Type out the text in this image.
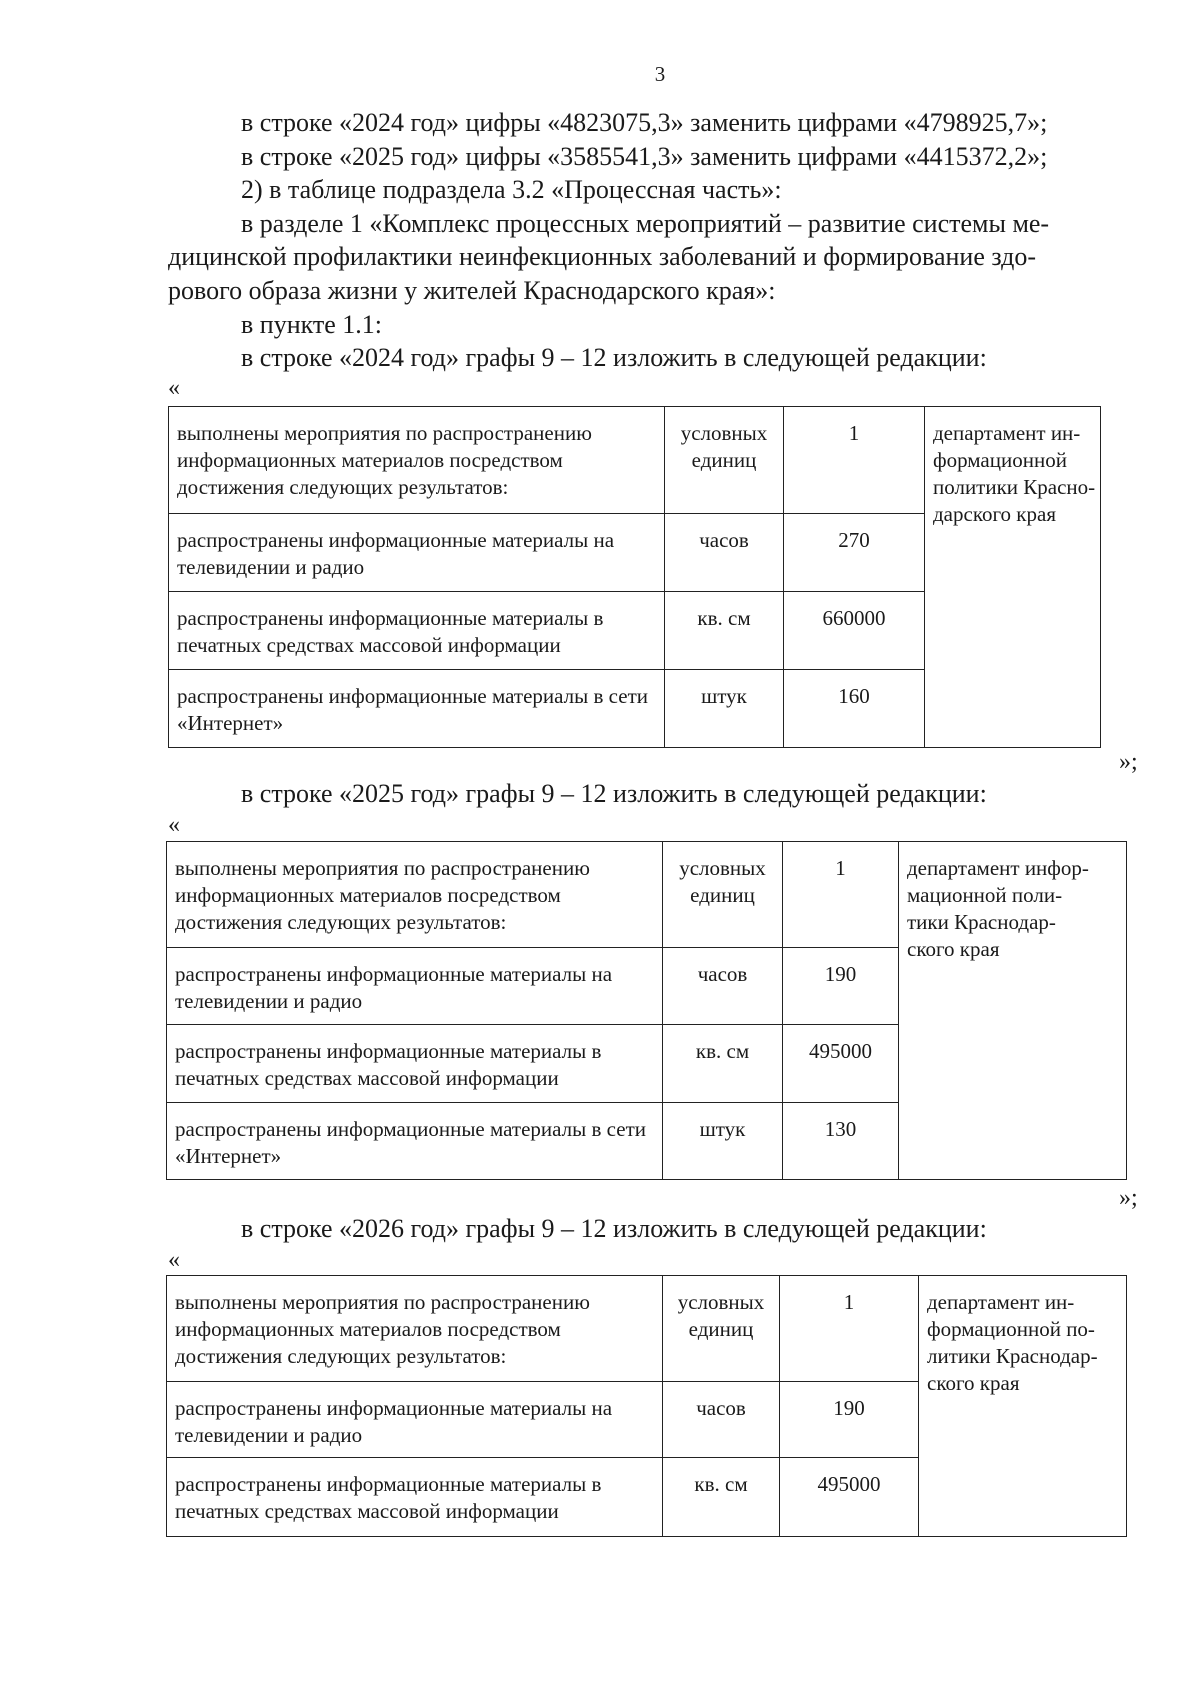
3

в строке «2024 год» цифры «4823075,3» заменить цифрами «4798925,7»;

в строке «2025 год» цифры «3585541,3» заменить цифрами «4415372,2»;

2) в таблице подраздела 3.2 «Процессная часть»:

в разделе 1 «Комплекс процессных мероприятий – развитие системы ме-

дицинской профилактики неинфекционных заболеваний и формирование здо-

рового образа жизни у жителей Краснодарского края»:

в пункте 1.1:

в строке «2024 год» графы 9 – 12 изложить в следующей редакции:

«
выполнены мероприятия по распространению информационных материалов посредством достижения следующих результатов:	условных единиц	1	департамент ин-
формационной
политики Красно-
дарского края

распространены информационные материалы на телевидении и радио	часов	270	
распространены информационные материалы в печатных средствах массовой информации	кв. см	660000	
распространены информационные материалы в сети «Интернет»	штук	160	
»;

в строке «2025 год» графы 9 – 12 изложить в следующей редакции:

«
выполнены мероприятия по распространению информационных материалов посредством достижения следующих результатов:	условных единиц	1	департамент инфор-
мационной поли-
тики Краснодар-
ского края

распространены информационные материалы на телевидении и радио	часов	190	
распространены информационные материалы в печатных средствах массовой информации	кв. см	495000	
распространены информационные материалы в сети «Интернет»	штук	130	
»;

в строке «2026 год» графы 9 – 12 изложить в следующей редакции:

«
выполнены мероприятия по распространению информационных материалов посредством достижения следующих результатов:	условных единиц	1	департамент ин-
формационной по-
литики Краснодар-
ского края

распространены информационные материалы на телевидении и радио	часов	190	
распространены информационные материалы в печатных средствах массовой информации	кв. см	495000	
